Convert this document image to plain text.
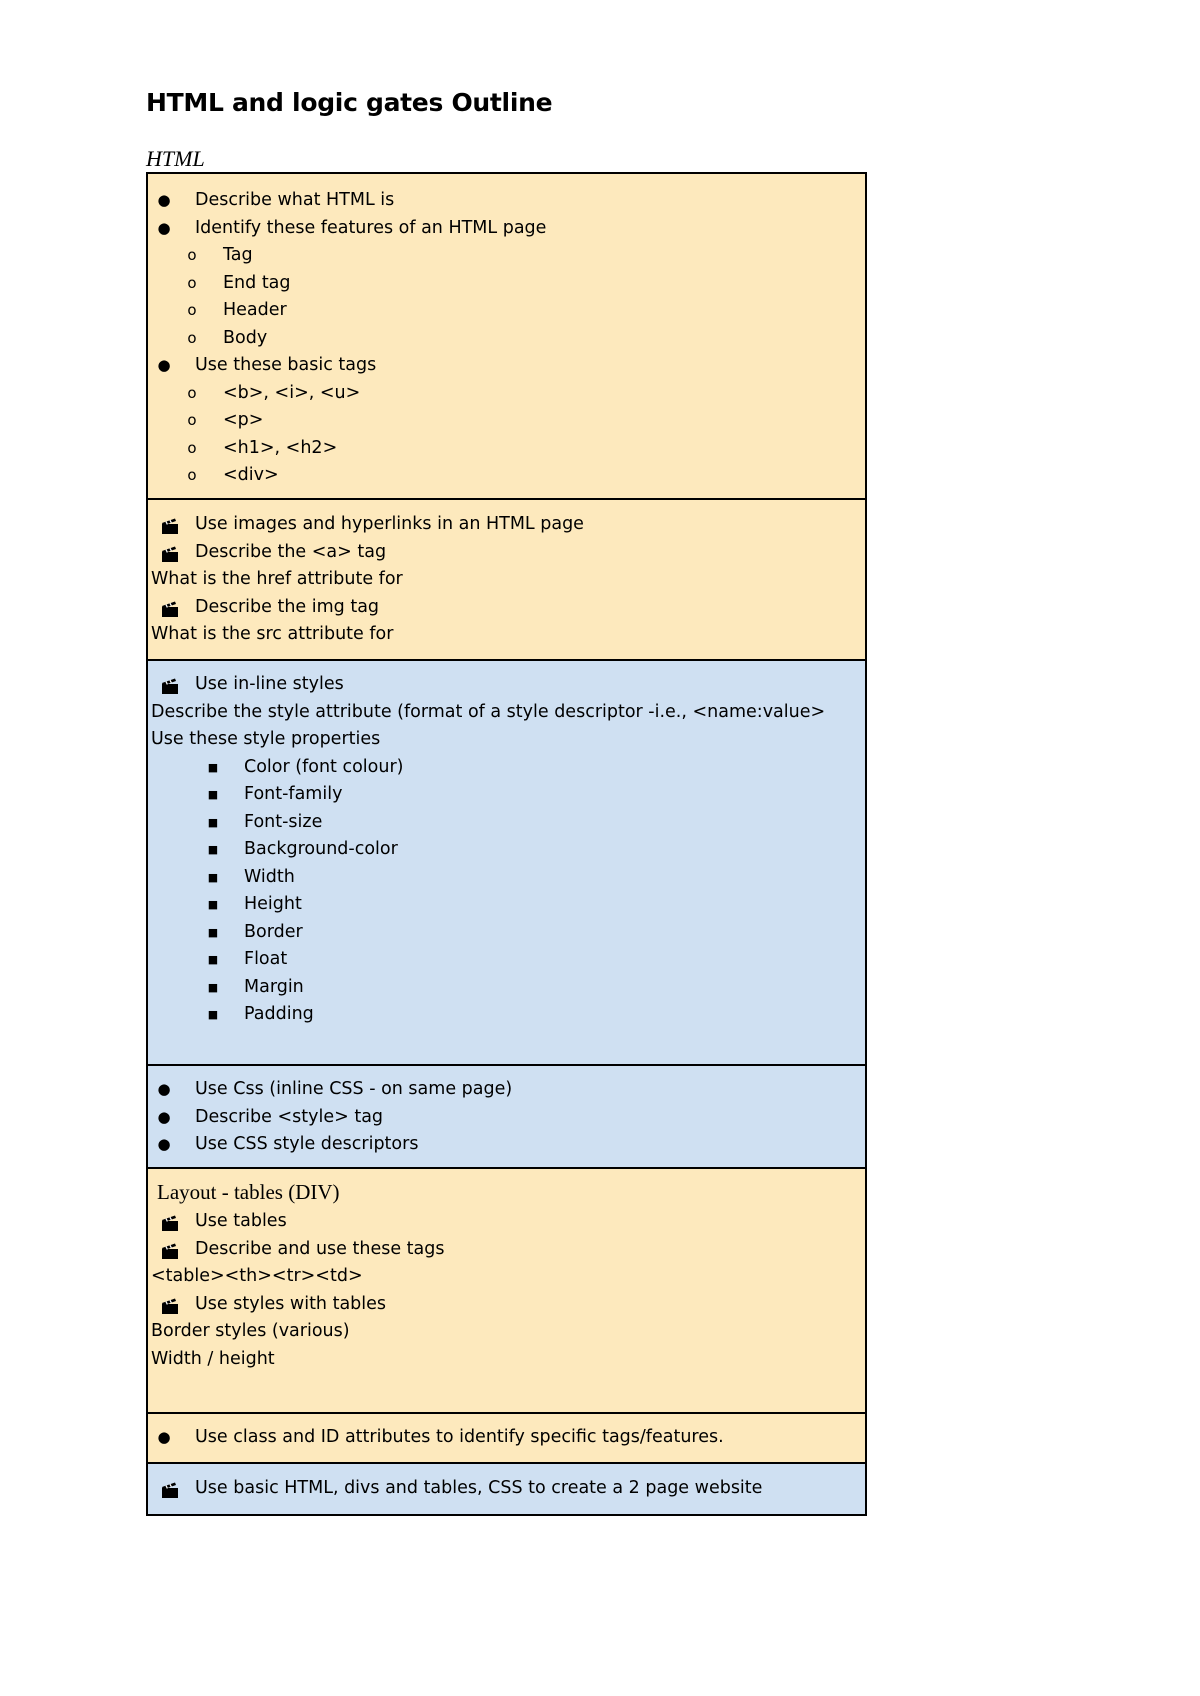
HTML and logic gates Outline
HTML
● Describe what HTML is
● Identify these features of an HTML page
o Tag
o End tag
o Header
o Body
● Use these basic tags
o <b>, <i>, <u>
o <p>
o <h1>, <h2>
o <div>
Use images and hyperlinks in an HTML page
Describe the <a> tag
What is the href attribute for
Describe the img tag
What is the src attribute for
Use in-line styles
Describe the style attribute (format of a style descriptor -i.e., <name:value>
Use these style properties
■ Color (font colour)
■ Font-family
■ Font-size
■ Background-color
■ Width
■ Height
■ Border
■ Float
■ Margin
■ Padding
● Use Css (inline CSS - on same page)
● Describe <style> tag
● Use CSS style descriptors
Layout - tables (DIV)
Use tables
Describe and use these tags
<table><th><tr><td>
Use styles with tables
Border styles (various)
Width / height
● Use class and ID attributes to identify specific tags/features.
Use basic HTML, divs and tables, CSS to create a 2 page website
